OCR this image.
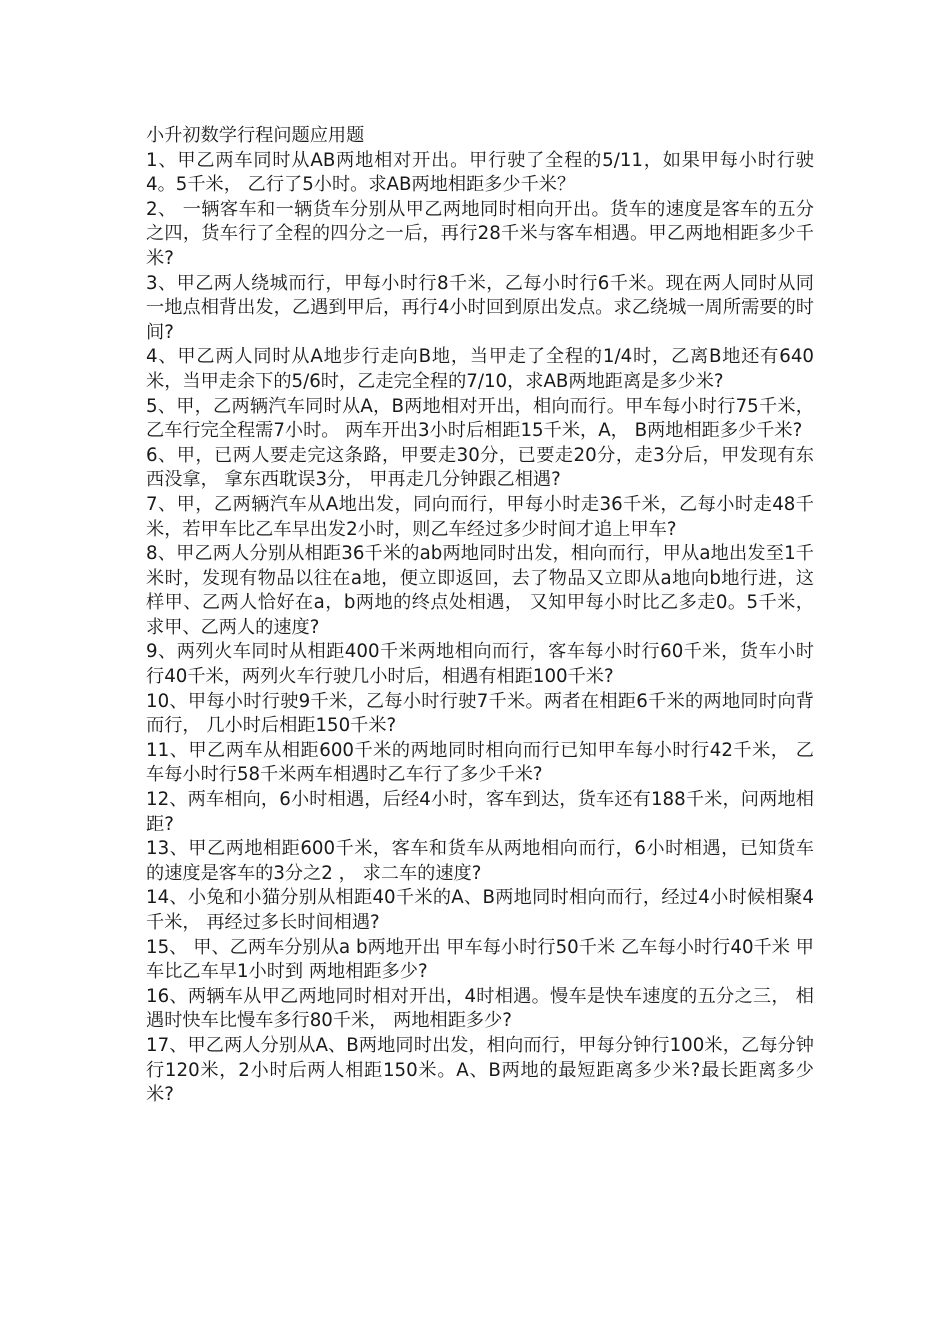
小升初数学行程问题应用题

1、甲乙两车同时从AB两地相对开出。甲行驶了全程的5/11，如果甲每小时行驶4。5千米， 乙行了5小时。求AB两地相距多少千米？

2、 一辆客车和一辆货车分别从甲乙两地同时相向开出。货车的速度是客车的五分之四，货车行了全程的四分之一后，再行28千米与客车相遇。甲乙两地相距多少千米?

3、甲乙两人绕城而行，甲每小时行8千米，乙每小时行6千米。现在两人同时从同一地点相背出发，乙遇到甲后，再行4小时回到原出发点。求乙绕城一周所需要的时间?

4、甲乙两人同时从A地步行走向B地，当甲走了全程的1/4时，乙离B地还有640米，当甲走余下的5/6时，乙走完全程的7/10，求AB两地距离是多少米?

5、甲，乙两辆汽车同时从A，B两地相对开出，相向而行。甲车每小时行75千米， 乙车行完全程需7小时。 两车开出3小时后相距15千米，A， B两地相距多少千米?

6、甲，已两人要走完这条路，甲要走30分，已要走20分，走3分后，甲发现有东西没拿， 拿东西耽误3分， 甲再走几分钟跟乙相遇?

7、甲，乙两辆汽车从A地出发，同向而行，甲每小时走36千米，乙每小时走48千米，若甲车比乙车早出发2小时，则乙车经过多少时间才追上甲车?

8、甲乙两人分别从相距36千米的ab两地同时出发，相向而行，甲从a地出发至1千米时，发现有物品以往在a地，便立即返回，去了物品又立即从a地向b地行进，这样甲、乙两人恰好在a，b两地的终点处相遇， 又知甲每小时比乙多走0。5千米， 求甲、乙两人的速度?

9、两列火车同时从相距400千米两地相向而行，客车每小时行60千米，货车小时行40千米，两列火车行驶几小时后，相遇有相距100千米?

10、甲每小时行驶9千米，乙每小时行驶7千米。两者在相距6千米的两地同时向背而行， 几小时后相距150千米?

11、甲乙两车从相距600千米的两地同时相向而行已知甲车每小时行42千米， 乙车每小时行58千米两车相遇时乙车行了多少千米?

12、两车相向，6小时相遇，后经4小时，客车到达，货车还有188千米，问两地相距?

13、甲乙两地相距600千米，客车和货车从两地相向而行，6小时相遇，已知货车的速度是客车的3分之2 ， 求二车的速度?

14、小兔和小猫分别从相距40千米的A、B两地同时相向而行，经过4小时候相聚4千米， 再经过多长时间相遇?

15、 甲、乙两车分别从a b两地开出 甲车每小时行50千米 乙车每小时行40千米 甲车比乙车早1小时到 两地相距多少?

16、两辆车从甲乙两地同时相对开出，4时相遇。慢车是快车速度的五分之三， 相遇时快车比慢车多行80千米， 两地相距多少?

17、甲乙两人分别从A、B两地同时出发，相向而行，甲每分钟行100米，乙每分钟行120米，2小时后两人相距150米。A、B两地的最短距离多少米?最长距离多少米?
